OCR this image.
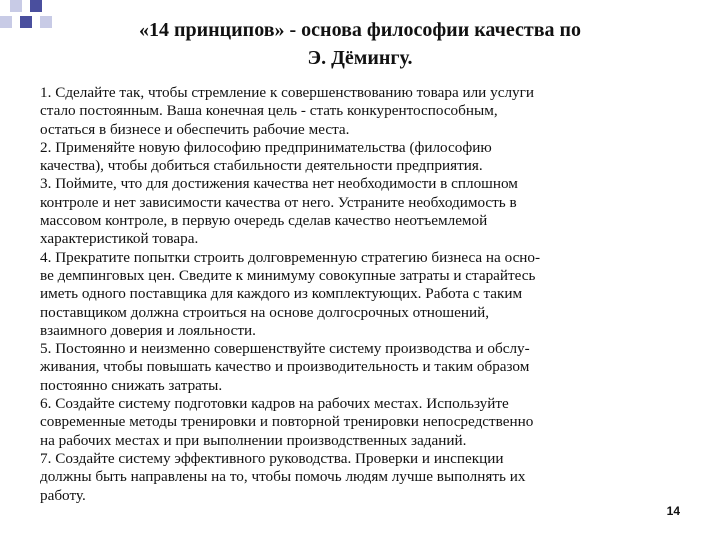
«14 принципов» - основа философии качества по
Э. Дёмингу.
1. Сделайте так, чтобы стремление к совершенствованию товара или услуги
стало постоянным. Ваша конечная цель - стать конкурентоспособным,
остаться в бизнесе и обеспечить рабочие места.
2. Применяйте новую философию предпринимательства (философию
качества), чтобы добиться стабильности деятельности предприятия.
3. Поймите, что для достижения качества нет необходимости в сплошном
контроле и нет зависимости качества от него. Устраните необходимость в
массовом контроле, в первую очередь сделав качество неотъемлемой
характеристикой товара.
4. Прекратите попытки строить долговременную стратегию бизнеса на осно-
ве демпинговых цен. Сведите к минимуму совокупные затраты и старайтесь
иметь одного поставщика для каждого из комплектующих. Работа с таким
поставщиком должна строиться на основе долгосрочных отношений,
взаимного доверия и лояльности.
5. Постоянно и неизменно совершенствуйте систему производства и обслу-
живания, чтобы повышать качество и производительность и таким образом
постоянно снижать затраты.
6. Создайте систему подготовки кадров на рабочих местах. Используйте
современные методы тренировки и повторной тренировки непосредственно
на рабочих местах и при выполнении производственных заданий.
7. Создайте систему эффективного руководства. Проверки и инспекции
должны быть направлены на то, чтобы помочь людям лучше выполнять их
работу.
14
